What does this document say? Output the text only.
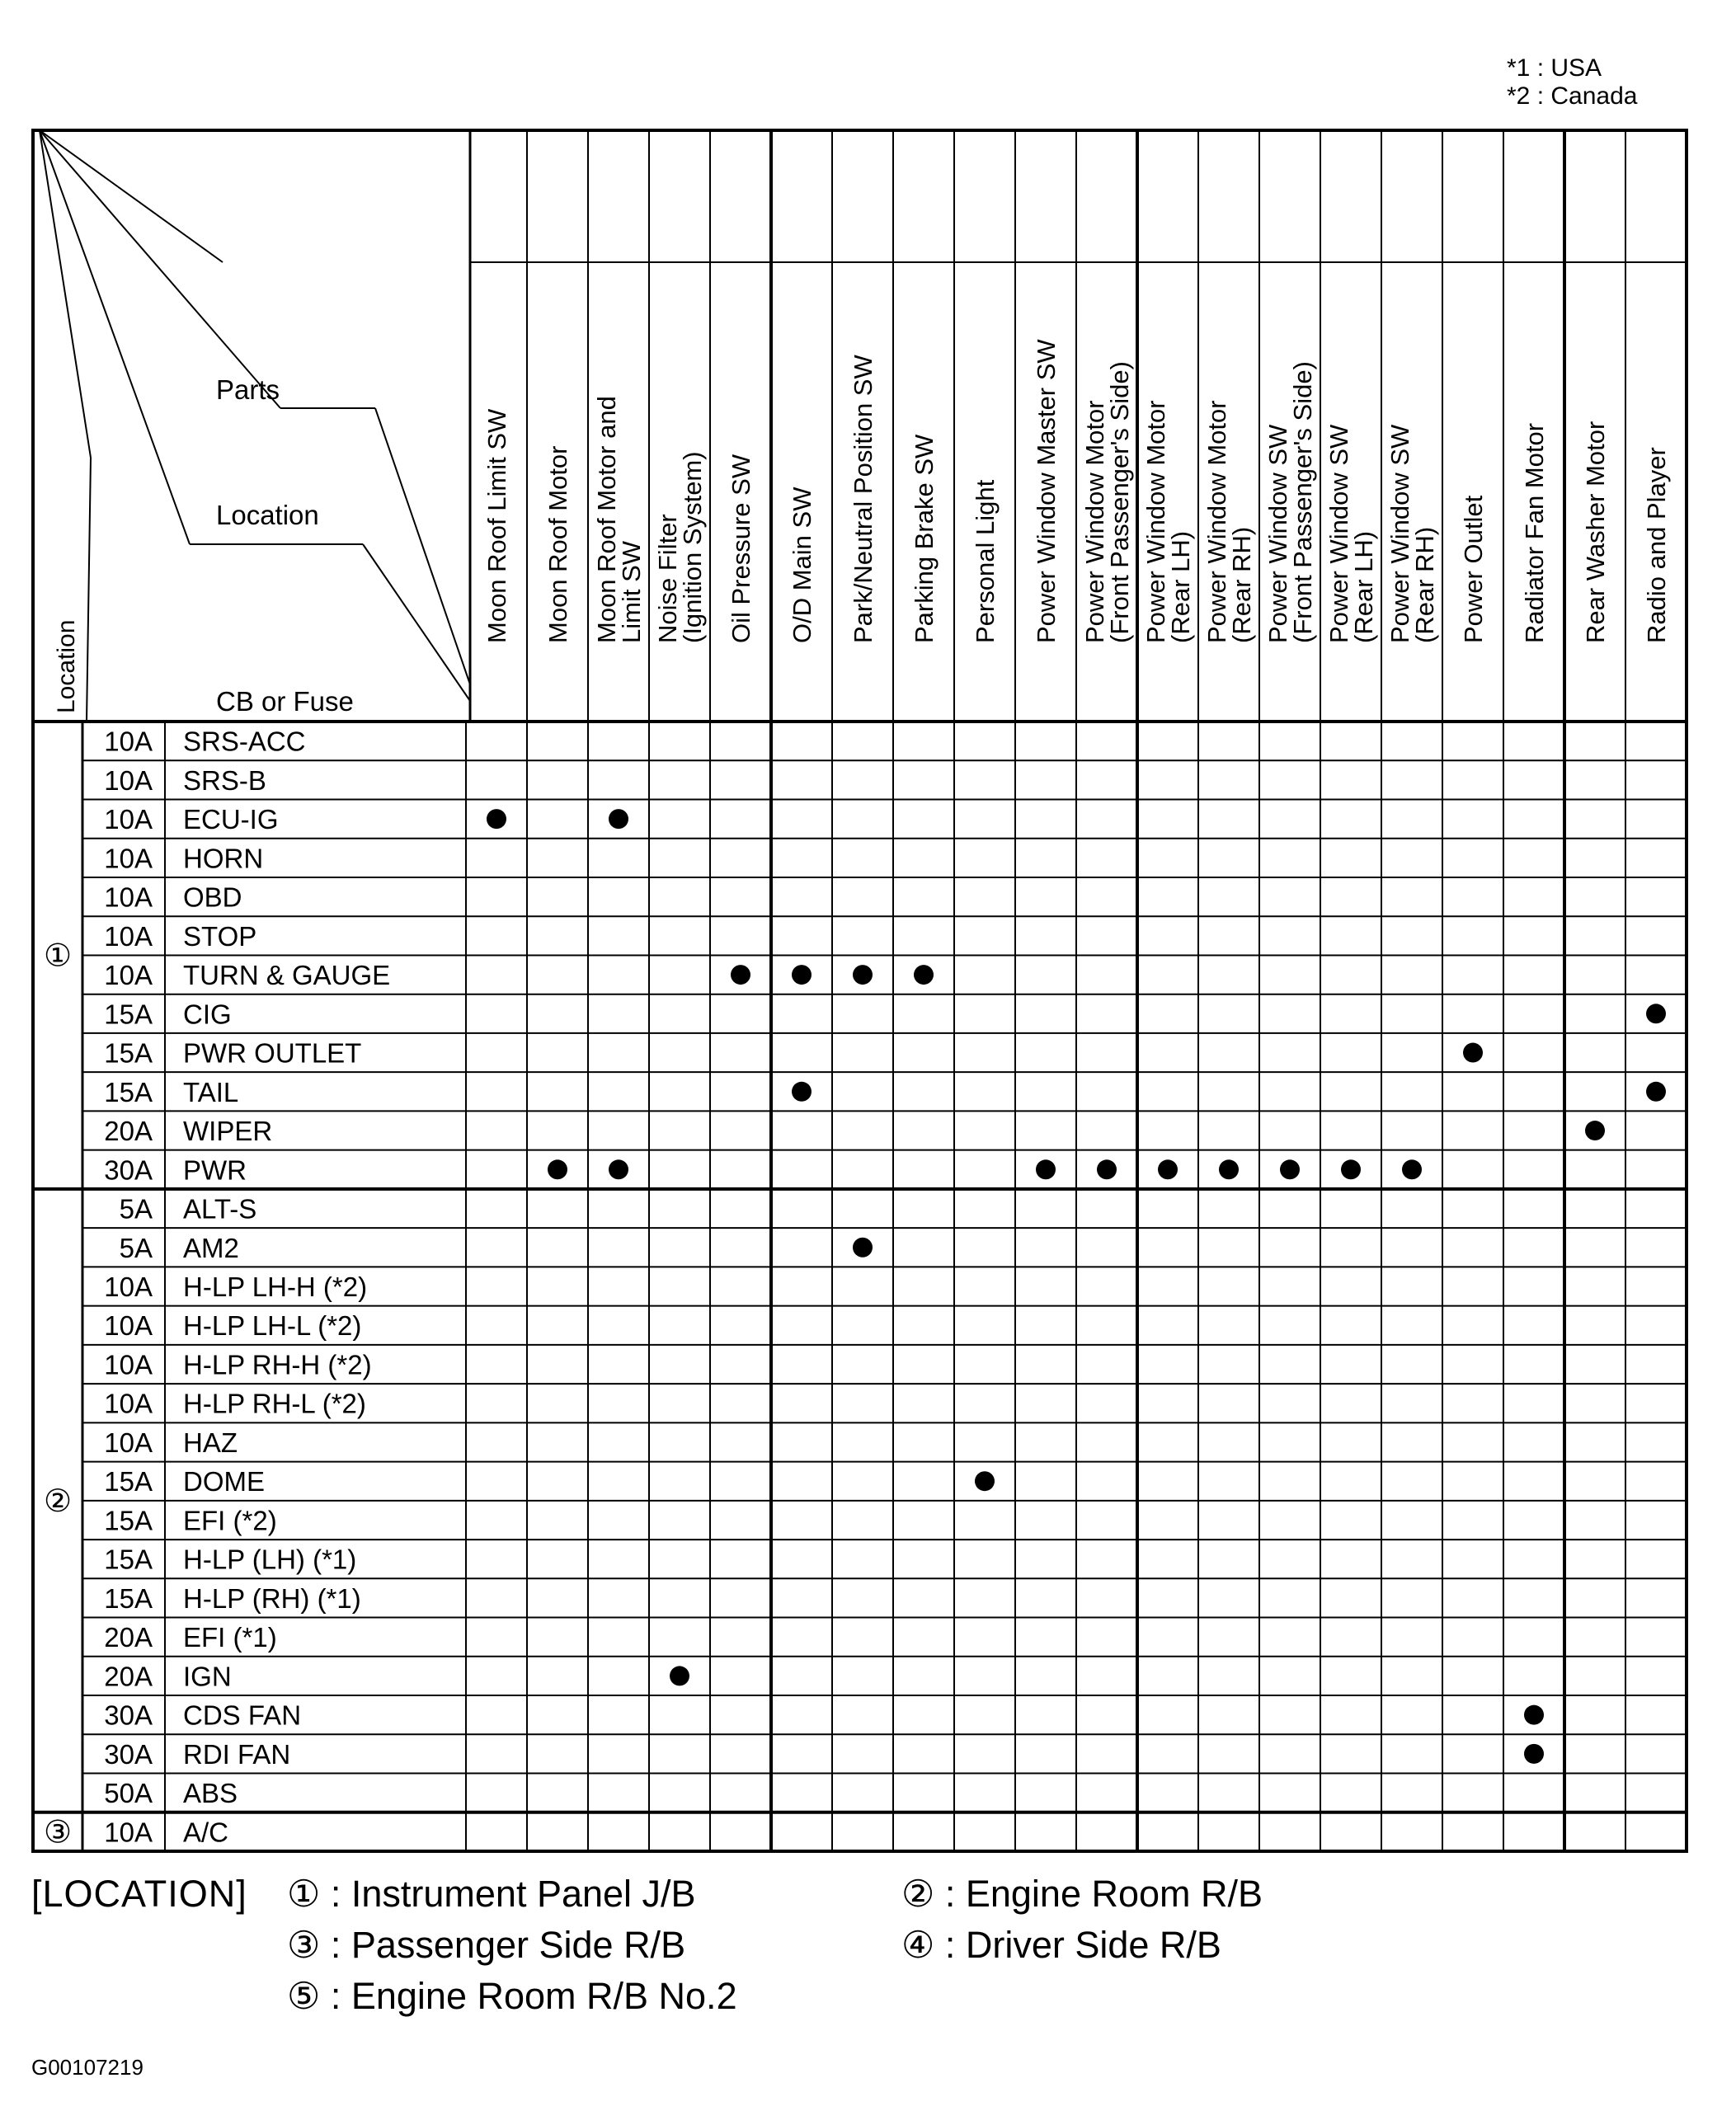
*1 : USA
*2 : Canada
Parts
Location
CB or Fuse
Location
Moon Roof Limit SW Moon Roof Motor Moon Roof Motor and
Limit SW Noise Filter
(Ignition System) Oil Pressure SW O/D Main SW Park/Neutral Position SW Parking Brake SW Personal Light Power Window Master SW Power Window Motor
(Front Passenger's Side) Power Window Motor
(Rear LH) Power Window Motor
(Rear RH) Power Window SW
(Front Passenger's Side) Power Window SW
(Rear LH) Power Window SW
(Rear RH) Power Outlet Radiator Fan Motor Rear Washer Motor Radio and Player
10A SRS-ACC
10A SRS-B
10A ECU-IG
10A HORN
10A OBD
10A STOP
10A TURN & GAUGE
15A CIG
15A PWR OUTLET
15A TAIL
20A WIPER
30A PWR
①
5A ALT-S
5A AM2
10A H-LP LH-H (*2)
10A H-LP LH-L (*2)
10A H-LP RH-H (*2)
10A H-LP RH-L (*2)
10A HAZ
15A DOME
15A EFI (*2)
15A H-LP (LH) (*1)
15A H-LP (RH) (*1)
20A EFI (*1)
20A IGN
30A CDS FAN
30A RDI FAN
50A ABS
②
10A A/C
③
[LOCATION] ① : Instrument Panel J/B	② : Engine Room R/B
③ : Passenger Side R/B	④ : Driver Side R/B
⑤ : Engine Room R/B No.2
G00107219
